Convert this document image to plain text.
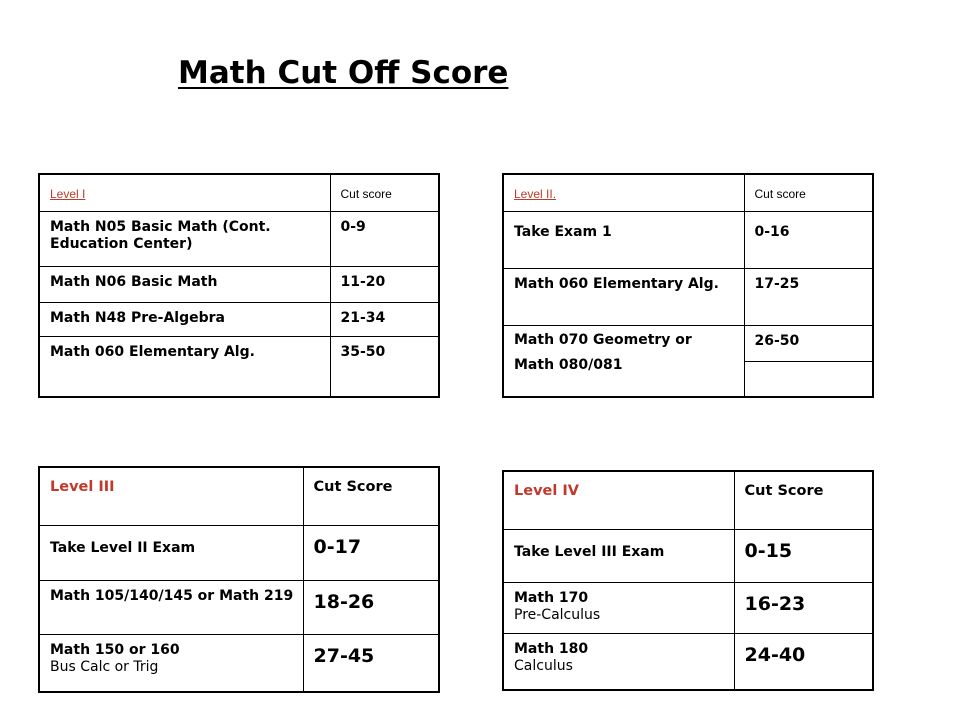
Math Cut Off Score
Level I	Cut score
Math N05 Basic Math (Cont. Education Center)	0-9
Math N06 Basic Math	11-20
Math N48 Pre-Algebra	21-34
Math 060 Elementary Alg.	35-50
Level II.	Cut score
Take Exam 1	0-16
Math 060 Elementary Alg.	17-25

Math 070 Geometry or
Math 080/081	26-50

Level III	Cut Score
Take Level II Exam	0-17
Math 105/140/145 or Math 219	18-26

Math 150 or 160
Bus Calc or Trig	27-45
Level IV	Cut Score
Take Level III Exam	0-15

Math 170
Pre-Calculus	16-23

Math 180
Calculus	24-40
